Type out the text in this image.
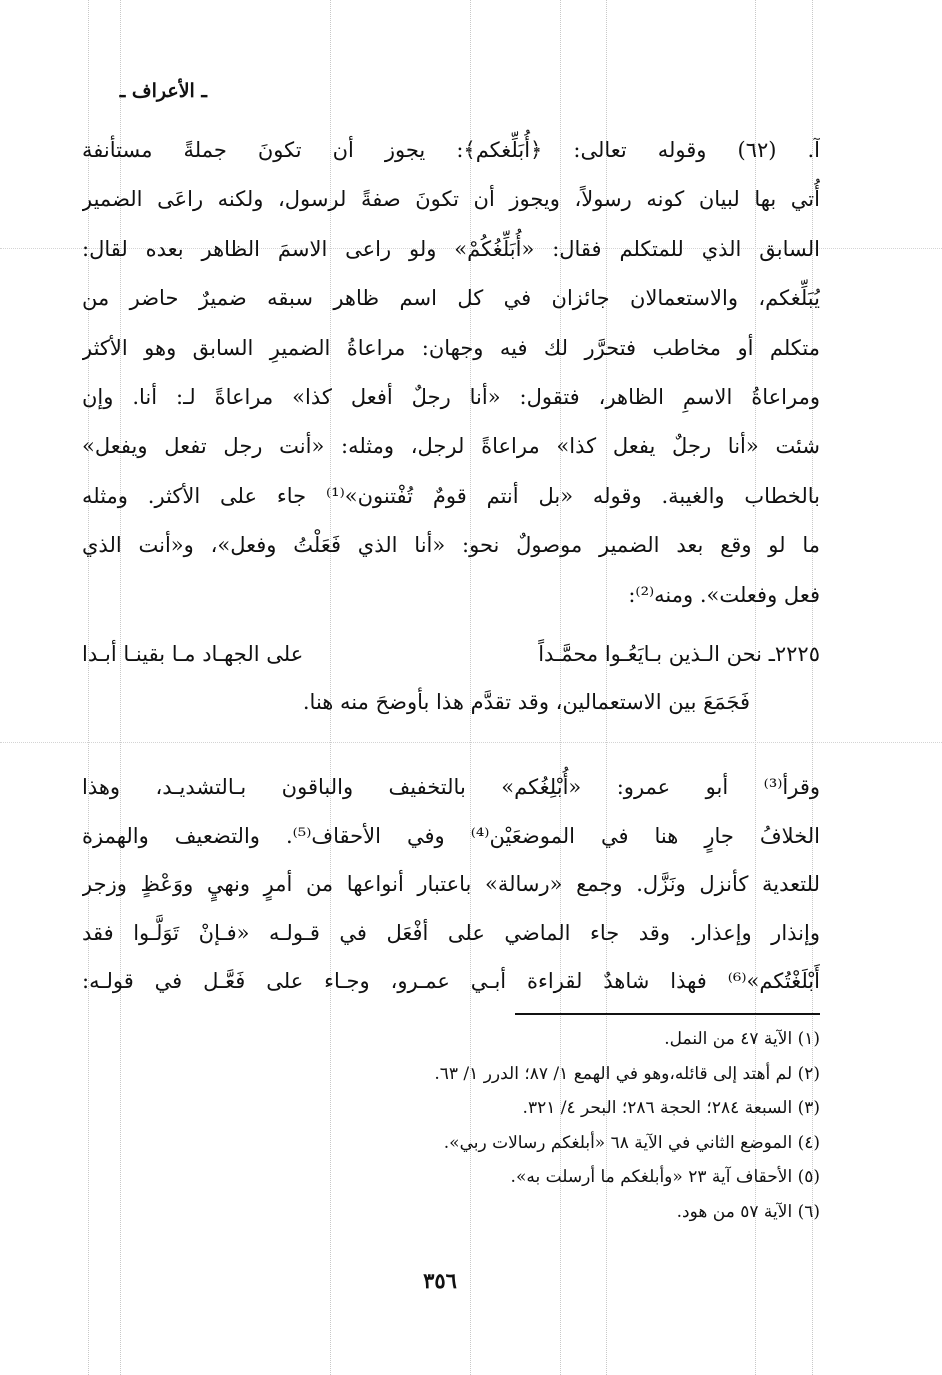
ـ الأعراف ـ
آ. (٦٢) وقوله تعالى: ﴿أُبَلِّغكم﴾: يجوز أن تكونَ جملةً مستأنفة
أُتي بها لبيان كونه رسولاً، ويجوز أن تكونَ صفةً لرسول، ولكنه راعَى الضمير
السابق الذي للمتكلم فقال: «أُبَلِّغُكُمْ» ولو راعى الاسمَ الظاهر بعده لقال:
يُبَلِّغكم، والاستعمالان جائزان في كل اسم ظاهر سبقه ضميرٌ حاضر من
متكلم أو مخاطب فتحرَّر لك فيه وجهان: مراعاةُ الضميرِ السابق وهو الأكثر
ومراعاةُ الاسمِ الظاهر، فتقول: «أنا رجلٌ أفعل كذا» مراعاةً لـ: أنا. وإن
شئت «أنا رجلٌ يفعل كذا» مراعاةً لرجل، ومثله: «أنت رجل تفعل ويفعل»
بالخطاب والغيبة. وقوله «بل أنتم قومٌ تُفْتنون»⁽¹⁾ جاء على الأكثر. ومثله
ما لو وقع بعد الضمير موصولٌ نحو: «أنا الذي فَعَلْتُ وفعل»، و«أنت الذي
فعل وفعلت». ومنه⁽²⁾:
٢٢٢٥ـ نحن الـذين بـايَعُـوا محمَّـداً
على الجهـاد مـا بقينـا أبـدا
فَجَمَعَ بين الاستعمالين، وقد تقدَّم هذا بأوضحَ منه هنا.
وقرأ⁽³⁾ أبو عمرو: «أُبْلِغُكم» بالتخفيف والباقون بـالتشديـد، وهذا
الخلافُ جارٍ هنا في الموضعَيْن⁽⁴⁾ وفي الأحقاف⁽⁵⁾. والتضعيف والهمزة
للتعدية كأنزل ونَزَّل. وجمع «رسالة» باعتبار أنواعها من أمرٍ ونهيٍ ووَعْظٍ وزجر
وإنذار وإعذار. وقد جاء الماضي على أفْعَل في قـولـه «فـإنْ تَوَلَّـوا فقد
أَبْلَغْتُكم»⁽⁶⁾ فهذا شاهدٌ لقراءة أبـي عمـرو، وجـاء على فَعَّـل في قولـه:
(١) الآية ٤٧ من النمل.
(٢) لم أهتد إلى قائله،وهو في الهمع ١/ ٨٧؛ الدرر ١/ ٦٣.
(٣) السبعة ٢٨٤؛ الحجة ٢٨٦؛ البحر ٤/ ٣٢١.
(٤) الموضع الثاني في الآية ٦٨ «أبلغكم رسالات ربي».
(٥) الأحقاف آية ٢٣ «وأبلغكم ما أرسلت به».
(٦) الآية ٥٧ من هود.
٣٥٦
